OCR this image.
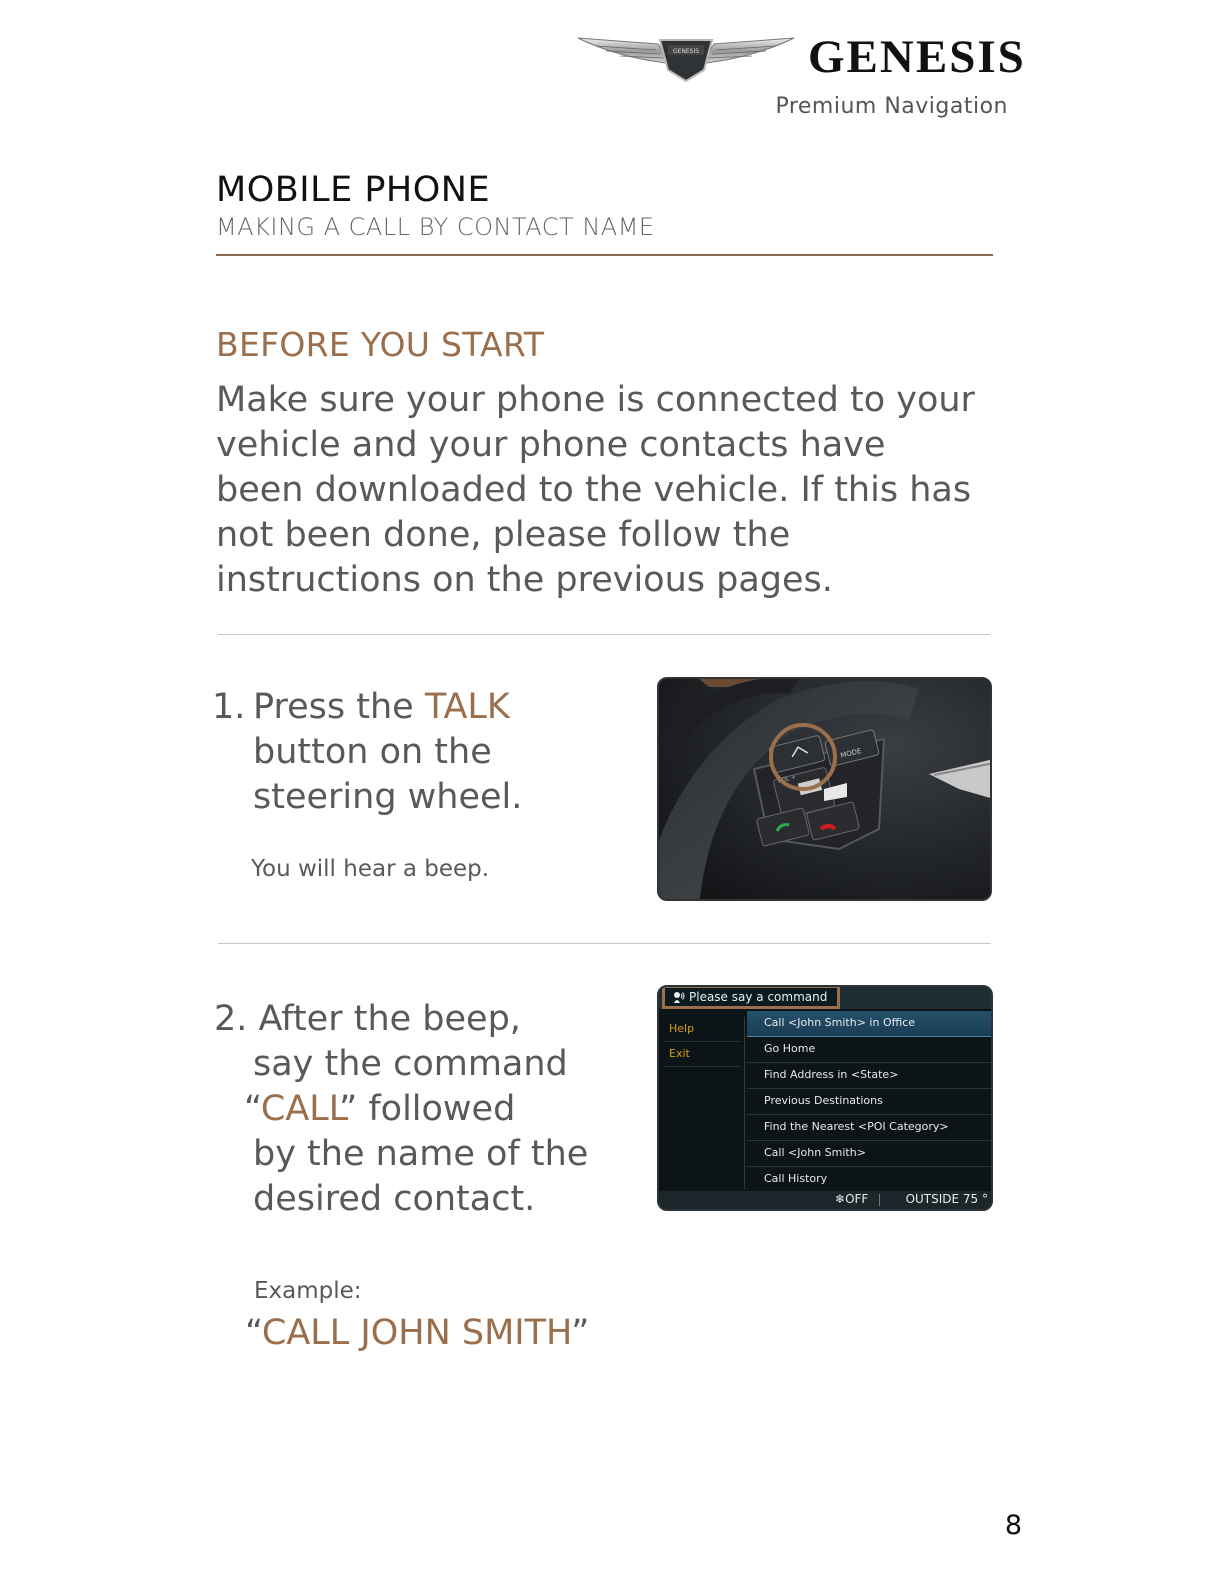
GENESIS GENESIS
Premium Navigation
MOBILE PHONE
MAKING A CALL BY CONTACT NAME
BEFORE YOU START
Make sure your phone is connected to your vehicle and your phone contacts have been downloaded to the vehicle. If this has not been done, please follow the instructions on the previous pages.
1. Press the TALK
button on the
steering wheel.
You will hear a beep.
MODE
VOL +
2. After the beep,
say the command
“CALL” followed
by the name of the
desired contact.
Please say a command
Help
Exit
Call <John Smith> in Office
Go Home
Find Address in <State>
Previous Destinations
Find the Nearest <POI Category>
Call <John Smith>
Call History
❄OFF	OUTSIDE 75 °
Example:
“CALL JOHN SMITH”
8
